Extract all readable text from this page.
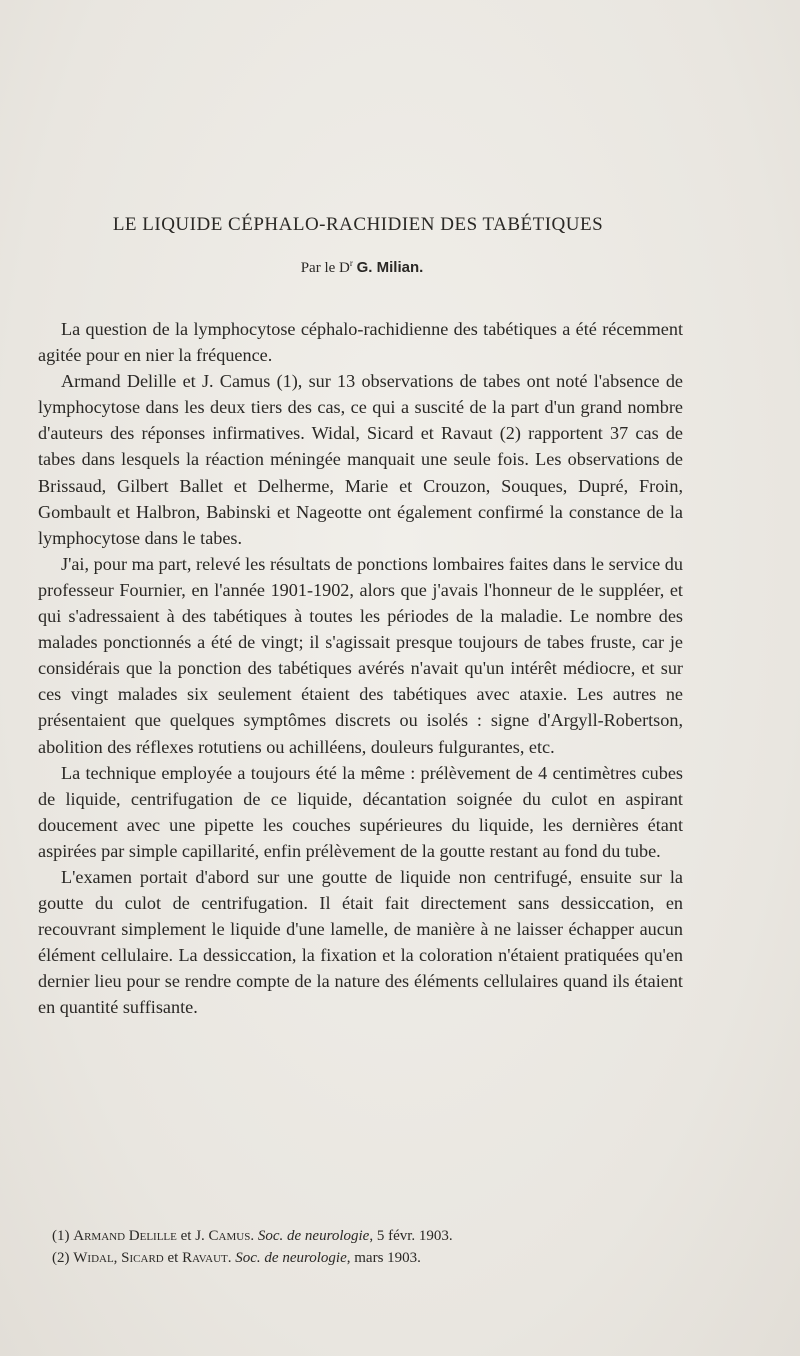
LE LIQUIDE CÉPHALO-RACHIDIEN DES TABÉTIQUES
Par le $D^r$ G. Milian.

La question de la lymphocytose céphalo-rachidienne des tabétiques a été récemment agitée pour en nier la fréquence.

Armand Delille et J. Camus (1), sur 13 observations de tabes ont noté l'absence de lymphocytose dans les deux tiers des cas, ce qui a suscité de la part d'un grand nombre d'auteurs des réponses infirmatives. Widal, Sicard et Ravaut (2) rapportent 37 cas de tabes dans lesquels la réaction méningée manquait une seule fois. Les observations de Brissaud, Gilbert Ballet et Delherme, Marie et Crouzon, Souques, Dupré, Froin, Gombault et Halbron, Babinski et Nageotte ont également confirmé la constance de la lymphocytose dans le tabes.

J'ai, pour ma part, relevé les résultats de ponctions lombaires faites dans le service du professeur Fournier, en l'année 1901-1902, alors que j'avais l'honneur de le suppléer, et qui s'adressaient à des tabétiques à toutes les périodes de la maladie. Le nombre des malades ponctionnés a été de vingt; il s'agissait presque toujours de tabes fruste, car je considérais que la ponction des tabétiques avérés n'avait qu'un intérêt médiocre, et sur ces vingt malades six seulement étaient des tabétiques avec ataxie. Les autres ne présentaient que quelques symptômes discrets ou isolés : signe d'Argyll-Robertson, abolition des réflexes rotutiens ou achilléens, douleurs fulgurantes, etc.

La technique employée a toujours été la même : prélèvement de 4 centimètres cubes de liquide, centrifugation de ce liquide, décantation soignée du culot en aspirant doucement avec une pipette les couches supérieures du liquide, les dernières étant aspirées par simple capillarité, enfin prélèvement de la goutte restant au fond du tube.

L'examen portait d'abord sur une goutte de liquide non centrifugé, ensuite sur la goutte du culot de centrifugation. Il était fait directement sans dessiccation, en recouvrant simplement le liquide d'une lamelle, de manière à ne laisser échapper aucun élément cellulaire. La dessiccation, la fixation et la coloration n'étaient pratiquées qu'en dernier lieu pour se rendre compte de la nature des éléments cellulaires quand ils étaient en quantité suffisante.

(1) Armand Delille et J. Camus. Soc. de neurologie, 5 févr. 1903.
(2) Widal, Sicard et Ravaut. Soc. de neurologie, mars 1903.
